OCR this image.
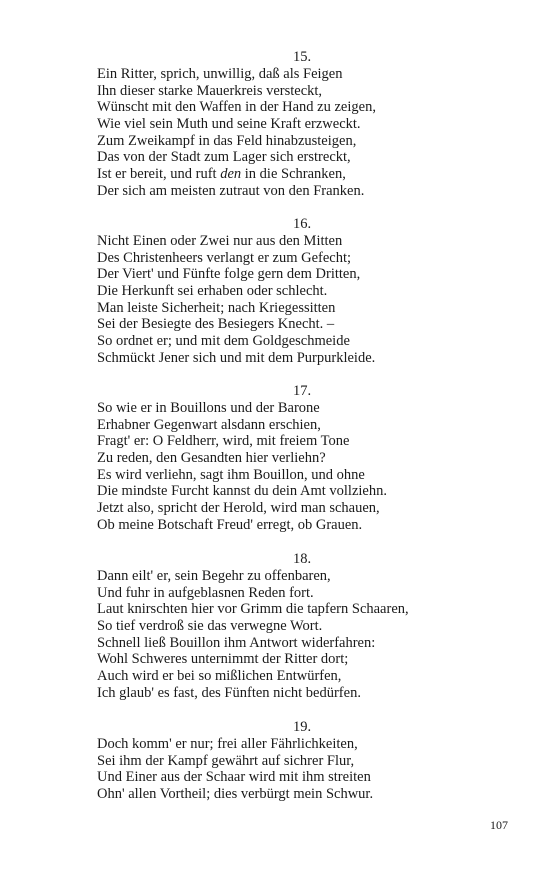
15.
Ein Ritter, sprich, unwillig, daß als Feigen
Ihn dieser starke Mauerkreis versteckt,
Wünscht mit den Waffen in der Hand zu zeigen,
Wie viel sein Muth und seine Kraft erzweckt.
Zum Zweikampf in das Feld hinabzusteigen,
Das von der Stadt zum Lager sich erstreckt,
Ist er bereit, und ruft den in die Schranken,
Der sich am meisten zutraut von den Franken.
16.
Nicht Einen oder Zwei nur aus den Mitten
Des Christenheers verlangt er zum Gefecht;
Der Viert' und Fünfte folge gern dem Dritten,
Die Herkunft sei erhaben oder schlecht.
Man leiste Sicherheit; nach Kriegessitten
Sei der Besiegte des Besiegers Knecht. –
So ordnet er; und mit dem Goldgeschmeide
Schmückt Jener sich und mit dem Purpurkleide.
17.
So wie er in Bouillons und der Barone
Erhabner Gegenwart alsdann erschien,
Fragt' er: O Feldherr, wird, mit freiem Tone
Zu reden, den Gesandten hier verliehn?
Es wird verliehn, sagt ihm Bouillon, und ohne
Die mindste Furcht kannst du dein Amt vollziehn.
Jetzt also, spricht der Herold, wird man schauen,
Ob meine Botschaft Freud' erregt, ob Grauen.
18.
Dann eilt' er, sein Begehr zu offenbaren,
Und fuhr in aufgeblasnen Reden fort.
Laut knirschten hier vor Grimm die tapfern Schaaren,
So tief verdroß sie das verwegne Wort.
Schnell ließ Bouillon ihm Antwort widerfahren:
Wohl Schweres unternimmt der Ritter dort;
Auch wird er bei so mißlichen Entwürfen,
Ich glaub' es fast, des Fünften nicht bedürfen.
19.
Doch komm' er nur; frei aller Fährlichkeiten,
Sei ihm der Kampf gewährt auf sichrer Flur,
Und Einer aus der Schaar wird mit ihm streiten
Ohn' allen Vortheil; dies verbürgt mein Schwur.
107
